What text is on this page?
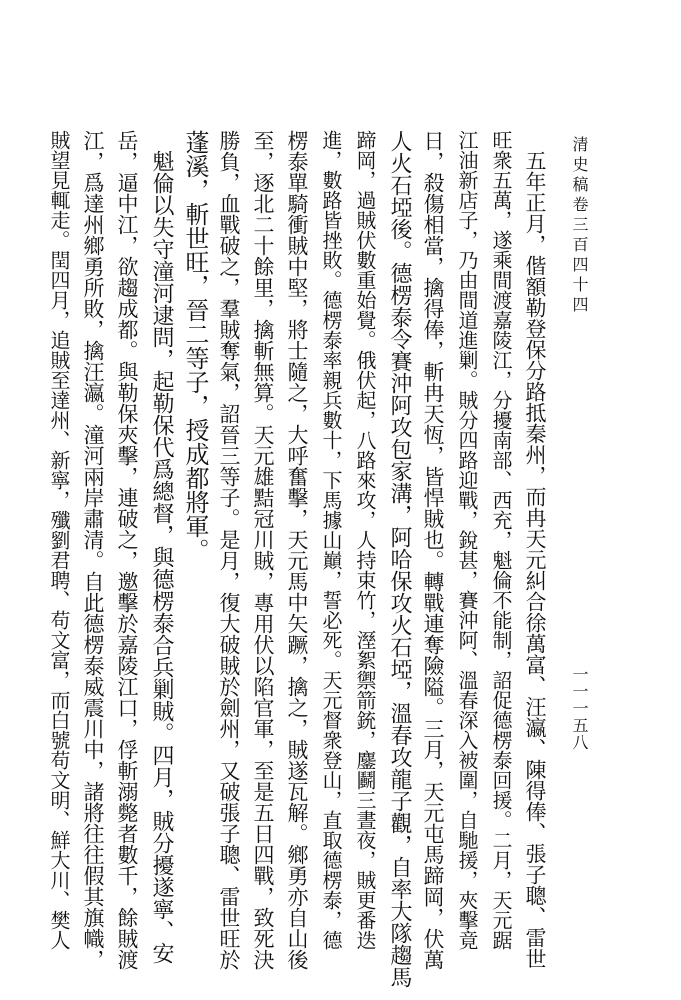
清史稿卷三百四十四
一一一五八
五年正月，偕額勒登保分路抵秦州，而冉天元糾合徐萬富、汪瀛、陳得俸、張子聰、雷世
旺衆五萬，遂乘間渡嘉陵江，分擾南部、西充，魁倫不能制，詔促德楞泰回援。二月，天元踞
江油新店子，乃由間道進剿。賊分四路迎戰，銳甚，賽沖阿、溫春深入被圍，自馳援，夾擊竟
日，殺傷相當，擒得俸，斬冉天恆，皆悍賊也。轉戰連奪險隘。三月，天元屯馬蹄岡，伏萬
人火石埡後。德楞泰令賽沖阿攻包家溝，阿哈保攻火石埡，溫春攻龍子觀，自率大隊趨馬
蹄岡，過賊伏數重始覺。俄伏起，八路來攻，人持束竹，溼絮禦箭銃，鏖鬬三晝夜，賊更番迭
進，數路皆挫敗。德楞泰率親兵數十，下馬據山巔，誓必死。天元督衆登山，直取德楞泰，德
楞泰單騎衝賊中堅，將士隨之，大呼奮擊，天元馬中矢蹶，擒之，賊遂瓦解。鄉勇亦自山後
至，逐北二十餘里，擒斬無算。天元雄黠冠川賊，專用伏以陷官軍，至是五日四戰，致死決
勝負，血戰破之，羣賊奪氣，詔晉三等子。是月，復大破賊於劍州，又破張子聰、雷世旺於
蓬溪，斬世旺，晉二等子，授成都將軍。
魁倫以失守潼河逮問，起勒保代爲總督，與德楞泰合兵剿賊。四月，賊分擾遂寧、安
岳，逼中江，欲趨成都。與勒保夾擊，連破之，邀擊於嘉陵江口，俘斬溺斃者數千，餘賊渡
江，爲達州鄉勇所敗，擒汪瀛。潼河兩岸肅清。自此德楞泰威震川中，諸將往往假其旗幟，
賊望見輒走。閏四月，追賊至達州、新寧，殲劉君聘、苟文富，而白號苟文明、鮮大川、樊人
